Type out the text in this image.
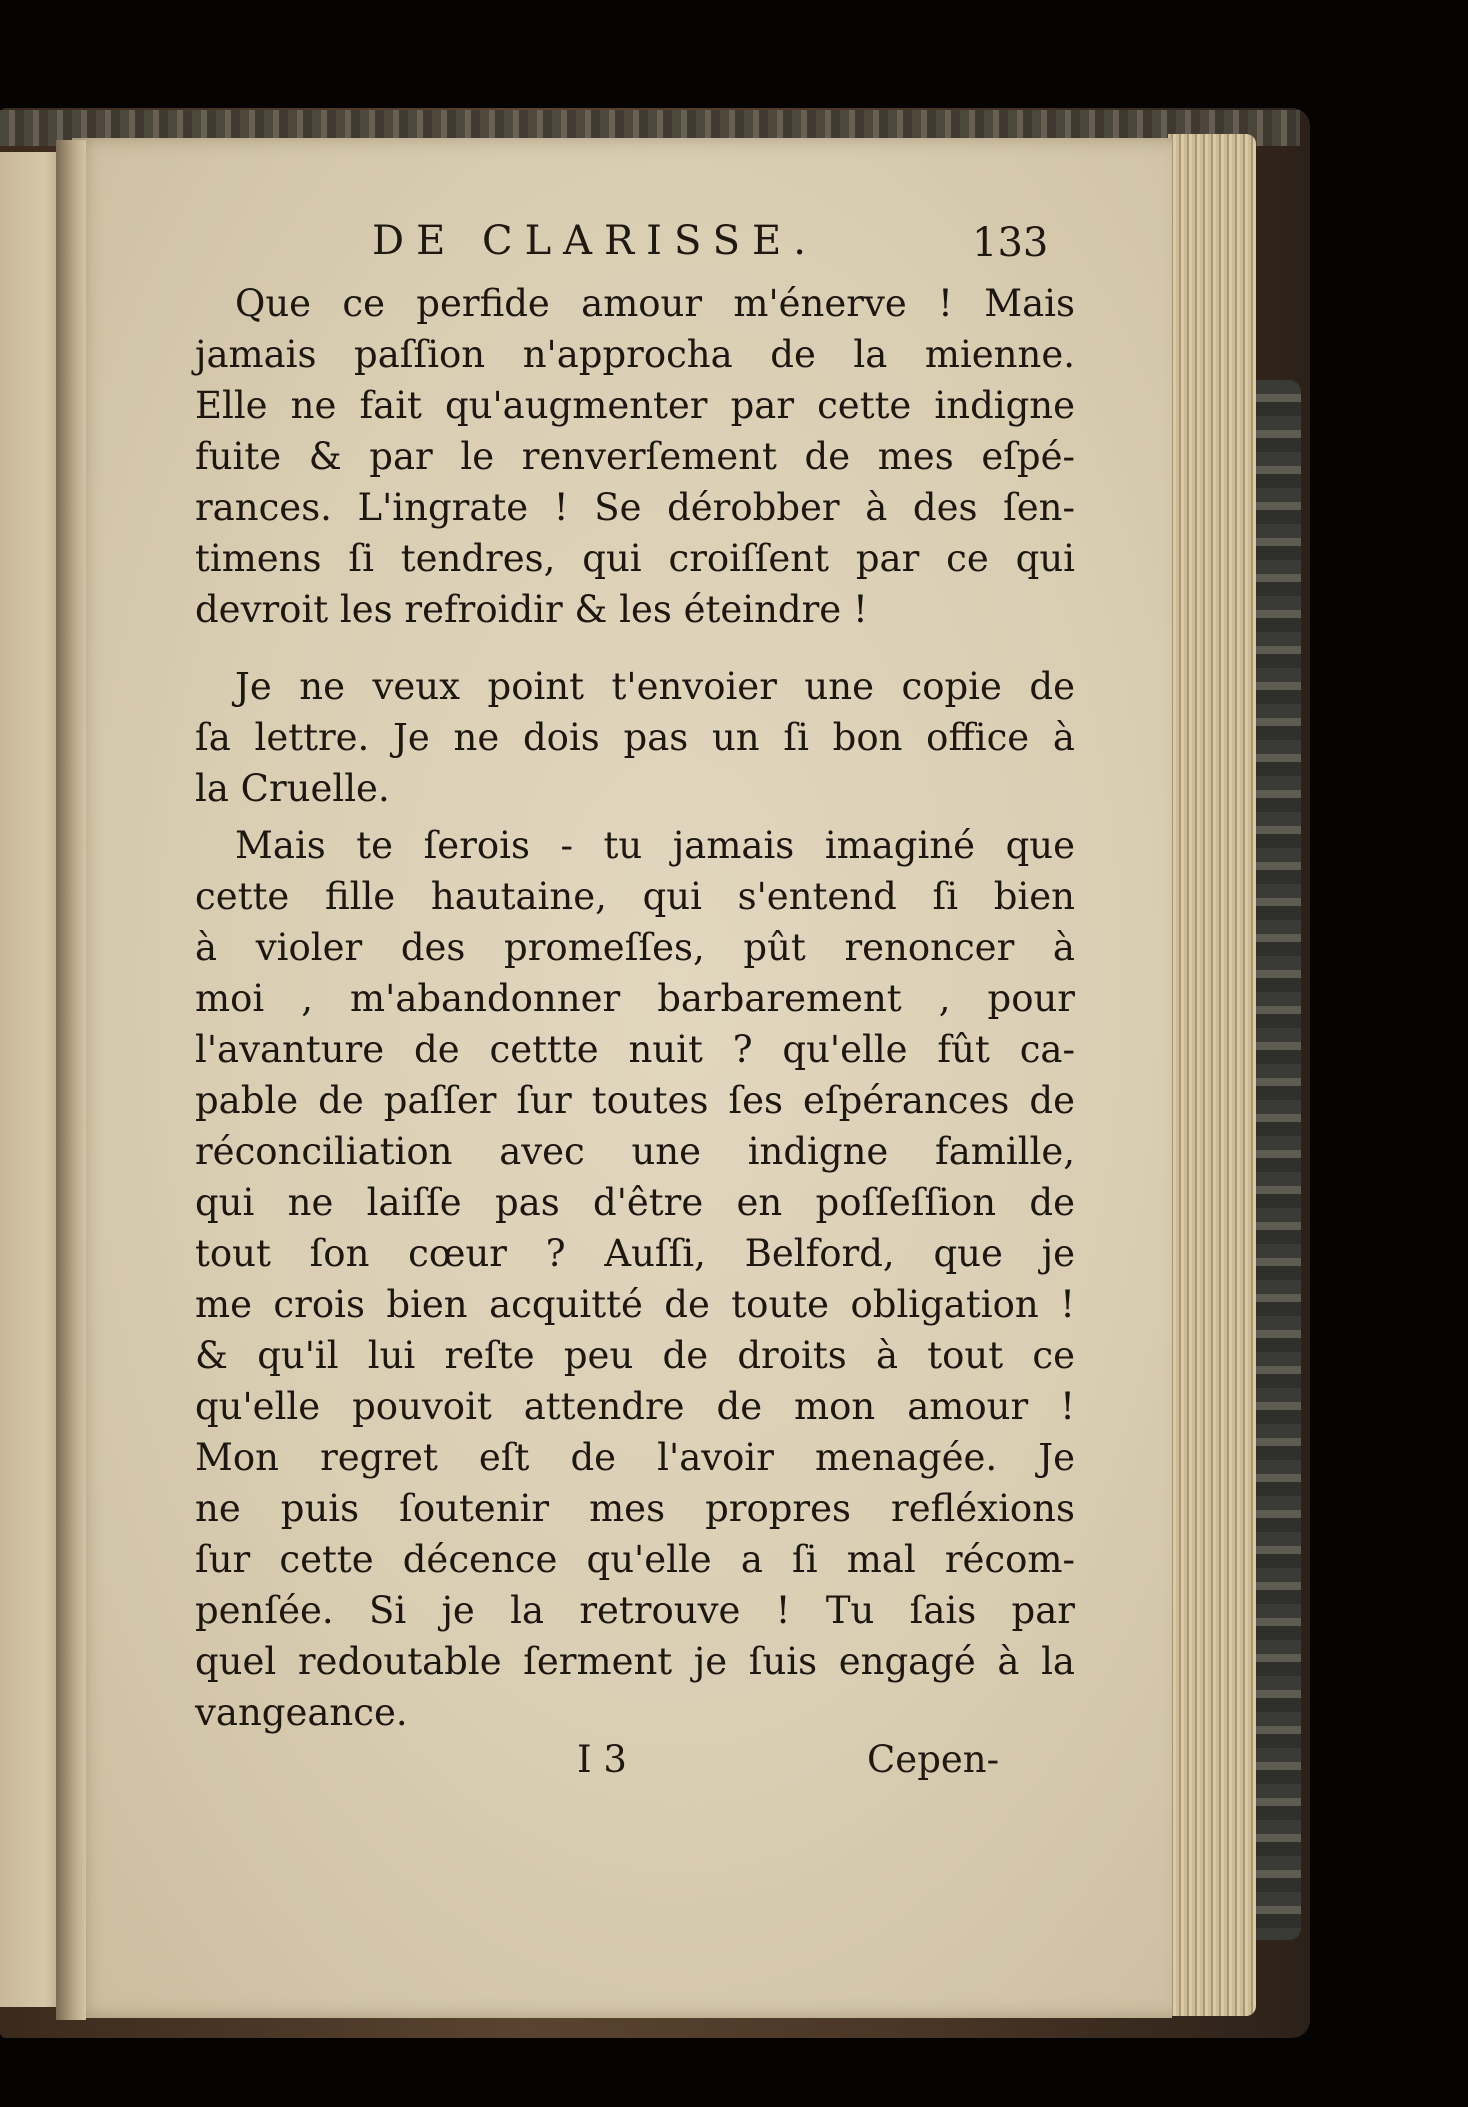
DE CLARISSE.	133
Que ce perfide amour m'énerve ! Mais
jamais paſſion n'approcha de la mienne.
Elle ne fait qu'augmenter par cette indigne
fuite & par le renverſement de mes eſpé-
rances. L'ingrate ! Se dérobber à des ſen-
timens ſi tendres, qui croiſſent par ce qui
devroit les refroidir & les éteindre !
Je ne veux point t'envoier une copie de
ſa lettre. Je ne dois pas un ſi bon office à
la Cruelle.
Mais te ſerois - tu jamais imaginé que
cette fille hautaine, qui s'entend ſi bien
à violer des promeſſes, pût renoncer à
moi , m'abandonner barbarement , pour
l'avanture de cettte nuit ? qu'elle fût ca-
pable de paſſer ſur toutes ſes eſpérances de
réconciliation avec une indigne famille,
qui ne laiſſe pas d'être en poſſeſſion de
tout ſon cœur ? Auſſi, Belford, que je
me crois bien acquitté de toute obligation !
& qu'il lui reſte peu de droits à tout ce
qu'elle pouvoit attendre de mon amour !
Mon regret eſt de l'avoir menagée. Je
ne puis ſoutenir mes propres refléxions
ſur cette décence qu'elle a ſi mal récom-
penſée. Si je la retrouve ! Tu ſais par
quel redoutable ſerment je ſuis engagé à la
vangeance.
I 3	Cepen-
